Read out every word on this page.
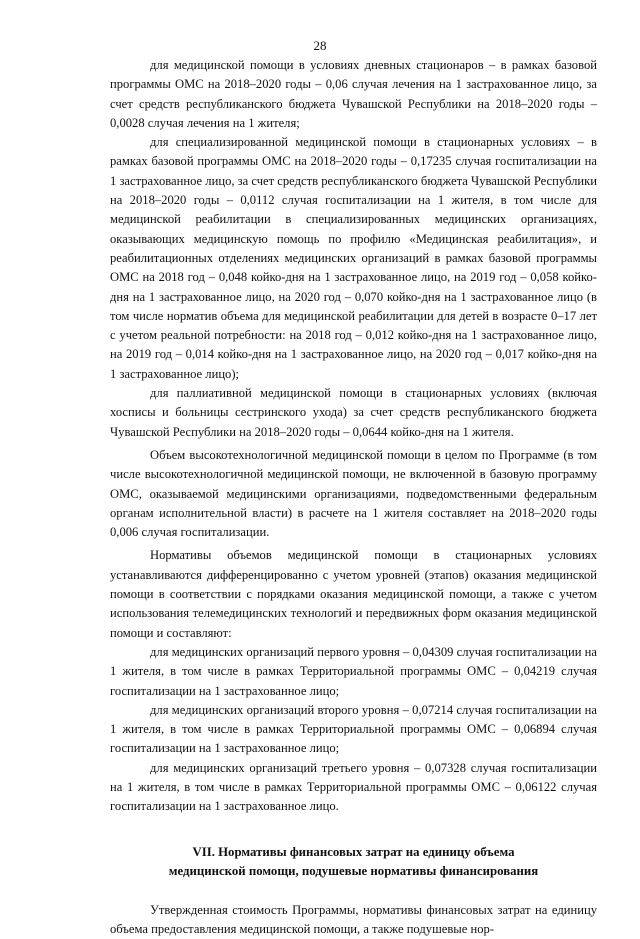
28

для медицинской помощи в условиях дневных стационаров – в рамках базовой программы ОМС на 2018–2020 годы – 0,06 случая лечения на 1 застрахованное лицо, за счет средств республиканского бюджета Чувашской Республики на 2018–2020 годы – 0,0028 случая лечения на 1 жителя;

для специализированной медицинской помощи в стационарных условиях – в рамках базовой программы ОМС на 2018–2020 годы – 0,17235 случая госпитализации на 1 застрахованное лицо, за счет средств республиканского бюджета Чувашской Республики на 2018–2020 годы – 0,0112 случая госпитализации на 1 жителя, в том числе для медицинской реабилитации в специализированных медицинских организациях, оказывающих медицинскую помощь по профилю «Медицинская реабилитация», и реабилитационных отделениях медицинских организаций в рамках базовой программы ОМС на 2018 год – 0,048 койко-дня на 1 застрахованное лицо, на 2019 год – 0,058 койко-дня на 1 застрахованное лицо, на 2020 год – 0,070 койко-дня на 1 застрахованное лицо (в том числе норматив объема для медицинской реабилитации для детей в возрасте 0–17 лет с учетом реальной потребности: на 2018 год – 0,012 койко-дня на 1 застрахованное лицо, на 2019 год – 0,014 койко-дня на 1 застрахованное лицо, на 2020 год – 0,017 койко-дня на 1 застрахованное лицо);

для паллиативной медицинской помощи в стационарных условиях (включая хосписы и больницы сестринского ухода) за счет средств республиканского бюджета Чувашской Республики на 2018–2020 годы – 0,0644 койко-дня на 1 жителя.

Объем высокотехнологичной медицинской помощи в целом по Программе (в том числе высокотехнологичной медицинской помощи, не включенной в базовую программу ОМС, оказываемой медицинскими организациями, подведомственными федеральным органам исполнительной власти) в расчете на 1 жителя составляет на 2018–2020 годы 0,006 случая госпитализации.

Нормативы объемов медицинской помощи в стационарных условиях устанавливаются дифференцированно с учетом уровней (этапов) оказания медицинской помощи в соответствии с порядками оказания медицинской помощи, а также с учетом использования телемедицинских технологий и передвижных форм оказания медицинской помощи и составляют:

для медицинских организаций первого уровня – 0,04309 случая госпитализации на 1 жителя, в том числе в рамках Территориальной программы ОМС – 0,04219 случая госпитализации на 1 застрахованное лицо;

для медицинских организаций второго уровня – 0,07214 случая госпитализации на 1 жителя, в том числе в рамках Территориальной программы ОМС – 0,06894 случая госпитализации на 1 застрахованное лицо;

для медицинских организаций третьего уровня – 0,07328 случая госпитализации на 1 жителя, в том числе в рамках Территориальной программы ОМС – 0,06122 случая госпитализации на 1 застрахованное лицо.

VII. Нормативы финансовых затрат на единицу объема
медицинской помощи, подушевые нормативы финансирования

Утвержденная стоимость Программы, нормативы финансовых затрат на единицу объема предоставления медицинской помощи, а также подушевые нор-
